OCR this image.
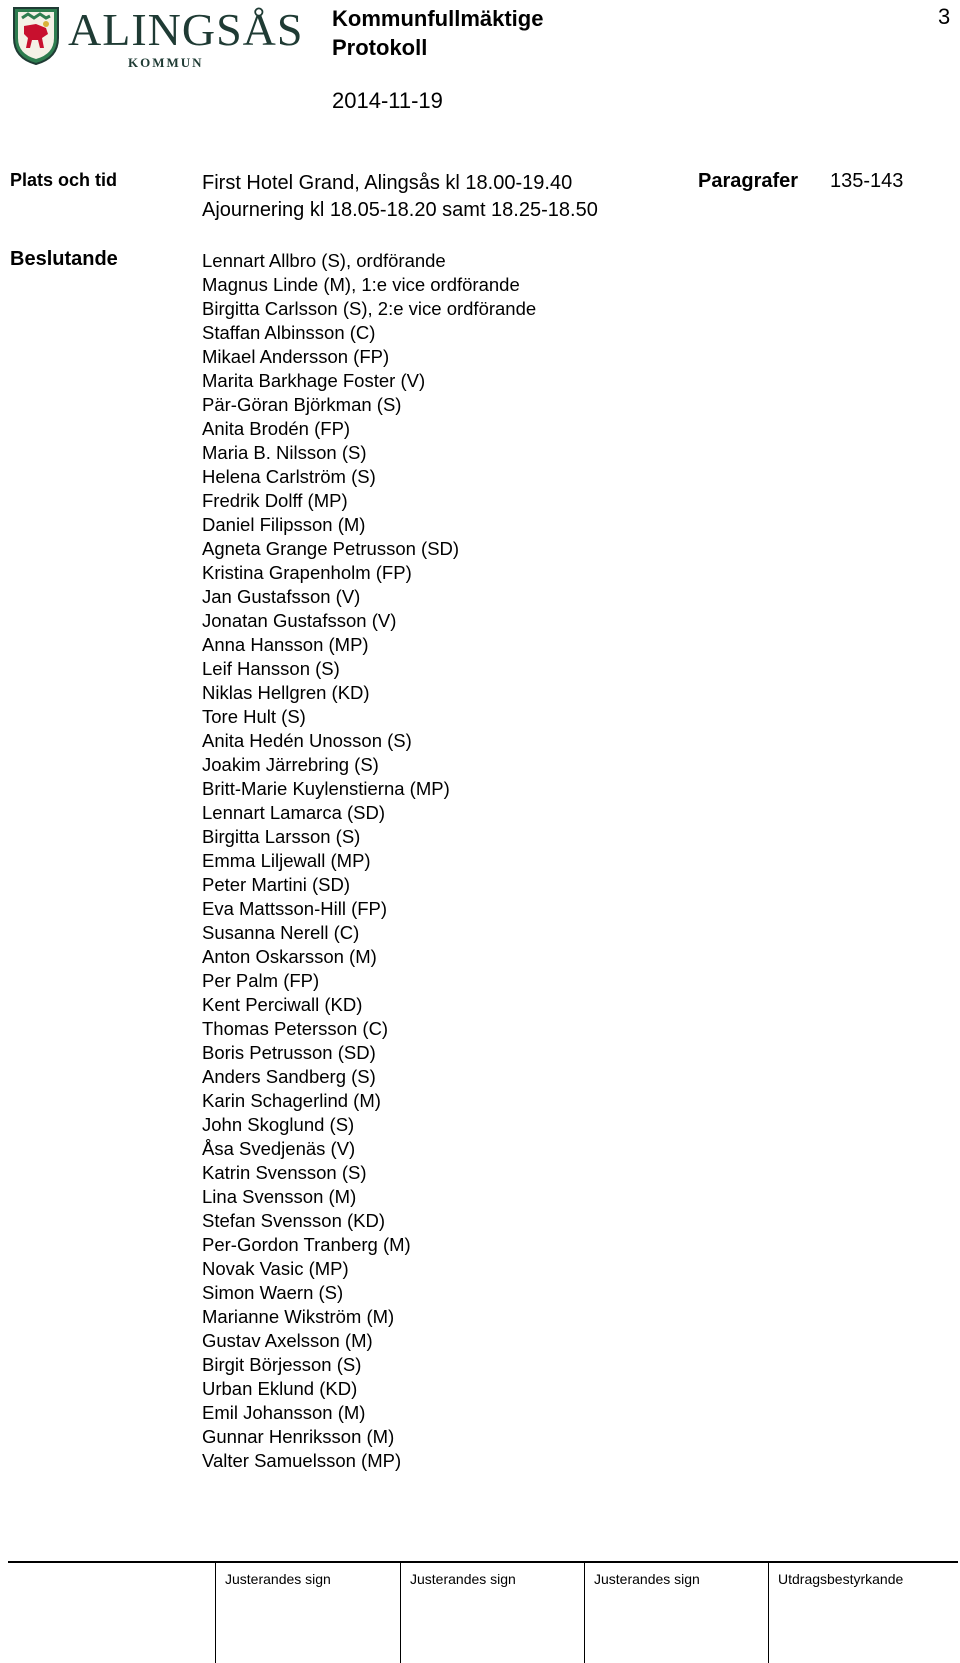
ALINGSÅS
KOMMUN
Kommunfullmäktige
Protokoll
2014-11-19
3
Plats och tid	First Hotel Grand, Alingsås kl 18.00-19.40
Ajournering kl 18.05-18.20 samt 18.25-18.50
Paragrafer 135-143
Beslutande	Lennart Allbro (S), ordförande
Magnus Linde (M), 1:e vice ordförande
Birgitta Carlsson (S), 2:e vice ordförande
Staffan Albinsson (C)
Mikael Andersson (FP)
Marita Barkhage Foster (V)
Pär-Göran Björkman (S)
Anita Brodén (FP)
Maria B. Nilsson (S)
Helena Carlström (S)
Fredrik Dolff (MP)
Daniel Filipsson (M)
Agneta Grange Petrusson (SD)
Kristina Grapenholm (FP)
Jan Gustafsson (V)
Jonatan Gustafsson (V)
Anna Hansson (MP)
Leif Hansson (S)
Niklas Hellgren (KD)
Tore Hult (S)
Anita Hedén Unosson (S)
Joakim Järrebring (S)
Britt-Marie Kuylenstierna (MP)
Lennart Lamarca (SD)
Birgitta Larsson (S)
Emma Liljewall (MP)
Peter Martini (SD)
Eva Mattsson-Hill (FP)
Susanna Nerell (C)
Anton Oskarsson (M)
Per Palm (FP)
Kent Perciwall (KD)
Thomas Petersson (C)
Boris Petrusson (SD)
Anders Sandberg (S)
Karin Schagerlind (M)
John Skoglund (S)
Åsa Svedjenäs (V)
Katrin Svensson (S)
Lina Svensson (M)
Stefan Svensson (KD)
Per-Gordon Tranberg (M)
Novak Vasic (MP)
Simon Waern (S)
Marianne Wikström (M)
Gustav Axelsson (M)
Birgit Börjesson (S)
Urban Eklund (KD)
Emil Johansson (M)
Gunnar Henriksson (M)
Valter Samuelsson (MP)
Justerandes sign	Justerandes sign	Justerandes sign	Utdragsbestyrkande
